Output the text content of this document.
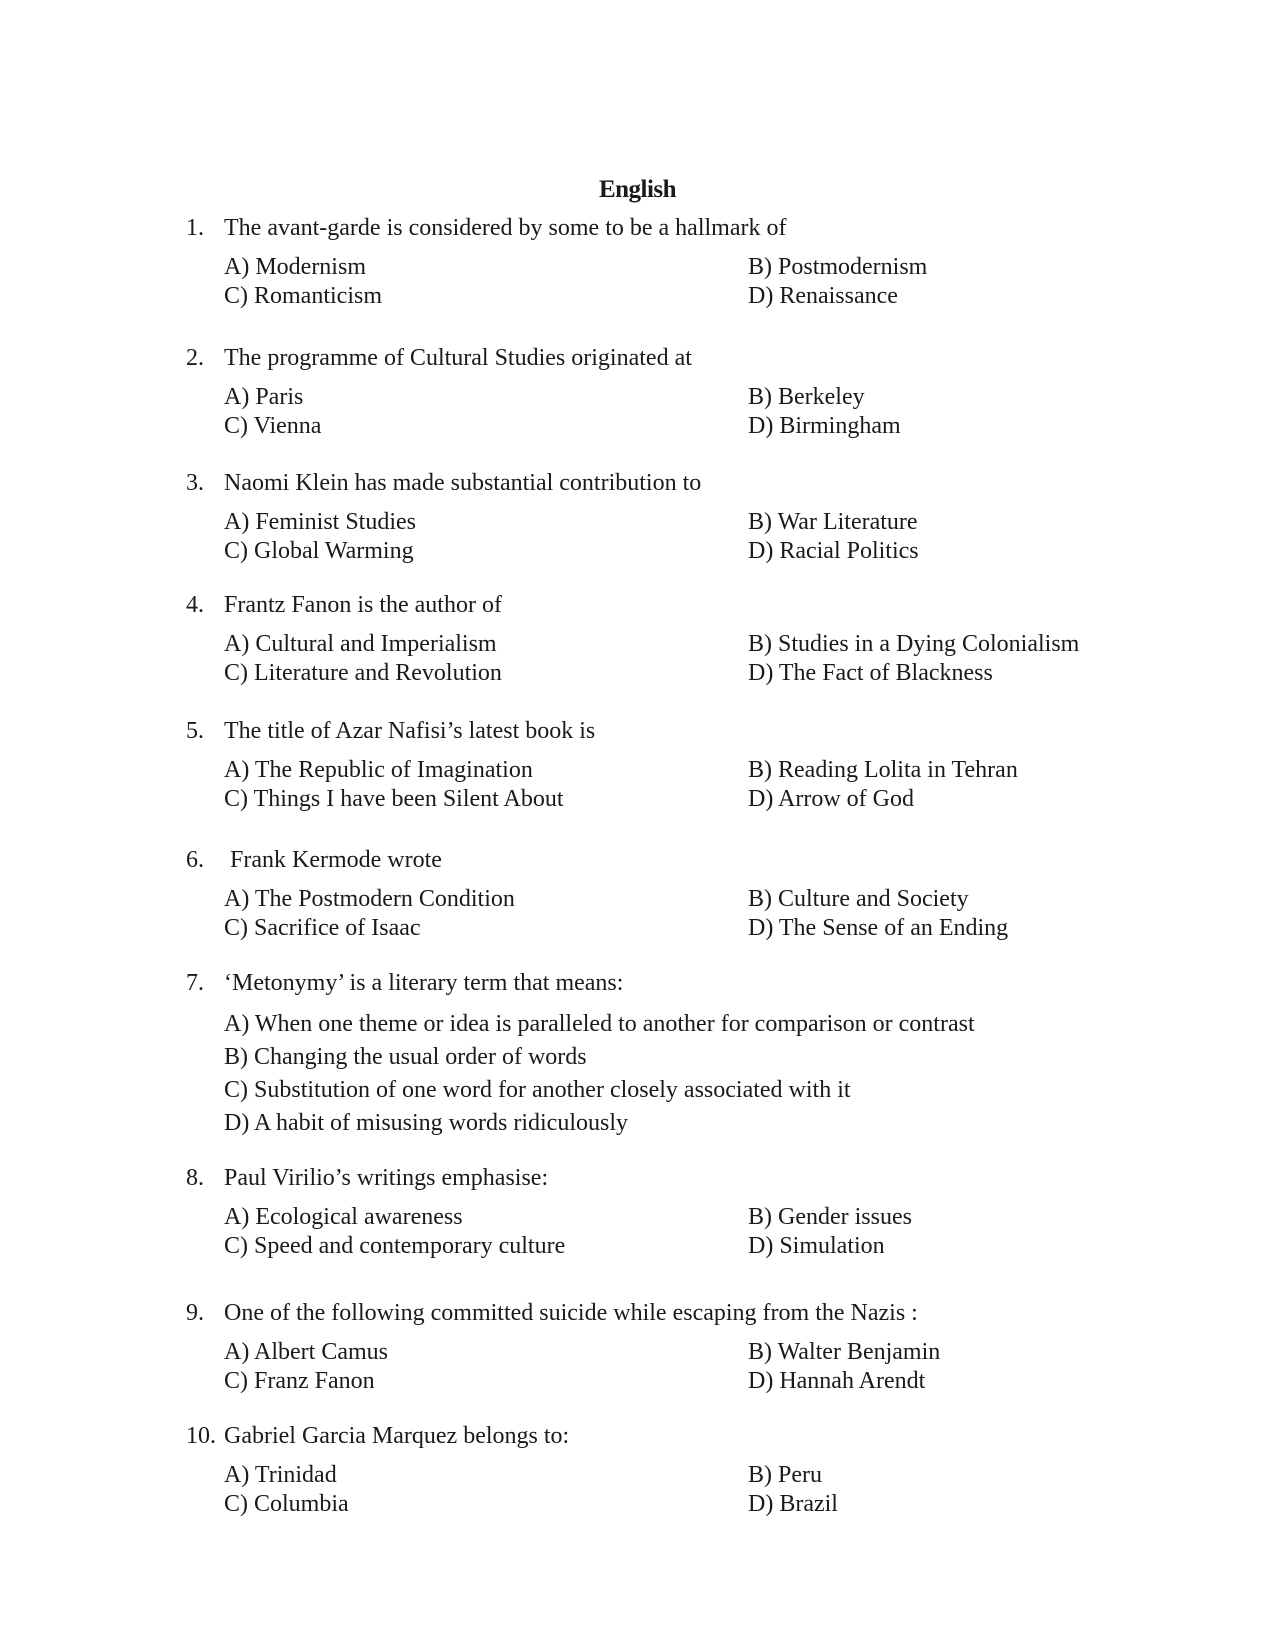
English
1. The avant-garde is considered by some to be a hallmark of
A) Modernism	B) Postmodernism
C) Romanticism	D) Renaissance
2. The programme of Cultural Studies originated at
A) Paris	B) Berkeley
C) Vienna	D) Birmingham
3. Naomi Klein has made substantial contribution to
A) Feminist Studies	B) War Literature
C) Global Warming	D) Racial Politics
4. Frantz Fanon is the author of
A) Cultural and Imperialism	B) Studies in a Dying Colonialism
C) Literature and Revolution	D) The Fact of Blackness
5. The title of Azar Nafisi’s latest book is
A) The Republic of Imagination	B) Reading Lolita in Tehran
C) Things I have been Silent About	D) Arrow of God
6. Frank Kermode wrote
A) The Postmodern Condition	B) Culture and Society
C) Sacrifice of Isaac	D) The Sense of an Ending
7. ‘Metonymy’ is a literary term that means:
A) When one theme or idea is paralleled to another for comparison or contrast
B) Changing the usual order of words
C) Substitution of one word for another closely associated with it
D) A habit of misusing words ridiculously
8. Paul Virilio’s writings emphasise:
A) Ecological awareness	B) Gender issues
C) Speed and contemporary culture	D) Simulation
9. One of the following committed suicide while escaping from the Nazis :
A) Albert Camus	B) Walter Benjamin
C) Franz Fanon	D) Hannah Arendt
10. Gabriel Garcia Marquez belongs to:
A) Trinidad	B) Peru
C) Columbia	D) Brazil
